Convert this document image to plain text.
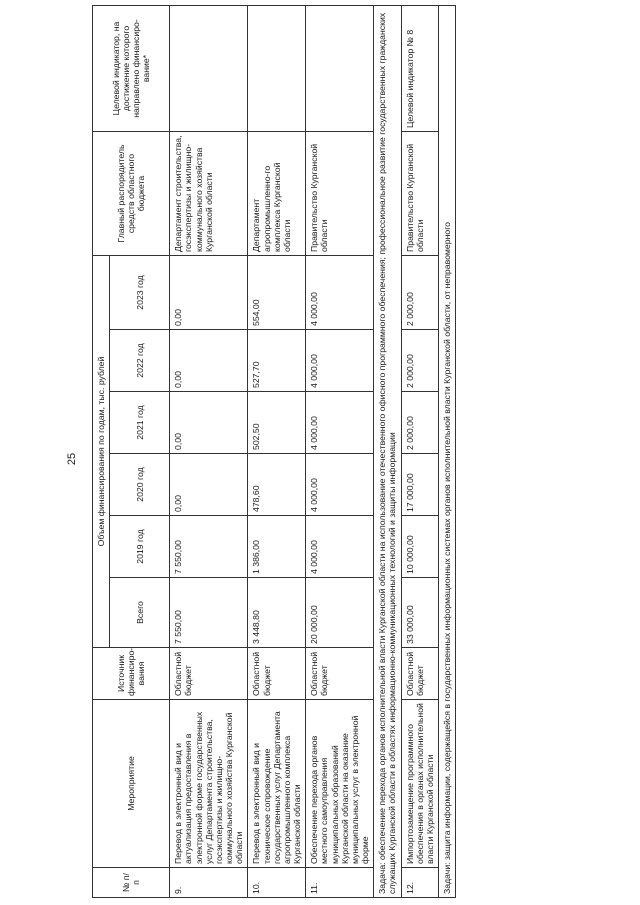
25
№ п/п	Мероприятие	Источник финансиро-вания	Объем финансирования по годам, тыс. рублей						Главный распорядитель средств областного бюджета	Целевой индикатор, на достижение которого направлено финансиро-вание*
			Всего	2019 год	2020 год	2021 год	2022 год	2023 год		
9.	Перевод в электронный вид и актуализация предоставления в электронной форме государственных услуг Департамента строительства, госэкспертизы и жилищно-коммунального хозяйства Курганской области	Областной бюджет	7 550,00	7 550,00	0,00	0,00	0,00	0,00	Департамент строительства, госэкспертизы и жилищно-коммунального хозяйства Курганской области	
10.	Перевод в электронный вид и техническое сопровождение государственных услуг Департамента агропромышленного комплекса Курганской области	Областной бюджет	3 448,80	1 386,00	478,60	502,50	527,70	554,00	Департамент агропромышленно-го комплекса Курганской области	
11.	Обеспечение перехода органов местного самоуправления муниципальных образований Курганской области на оказание муниципальных услуг в электронной форме	Областной бюджет	20 000,00	4 000,00	4 000,00	4 000,00	4 000,00	4 000,00	Правительство Курганской области	
Задача: обеспечение перехода органов исполнительной власти Курганской области на использование отечественного офисного программного обеспечения; профессиональное развитие государственных гражданских служащих Курганской области в областях информационно-коммуникационных технологий и защиты информации										
12.	Импортозамещение программного обеспечения в органах исполнительной власти Курганской области	Областной бюджет	33 000,00	10 000,00	17 000,00	2 000,00	2 000,00	2 000,00	Правительство Курганской области	Целевой индикатор № 8
Задачи: защита информации, содержащейся в государственных информационных системах органов исполнительной власти Курганской области, от неправомерного										
